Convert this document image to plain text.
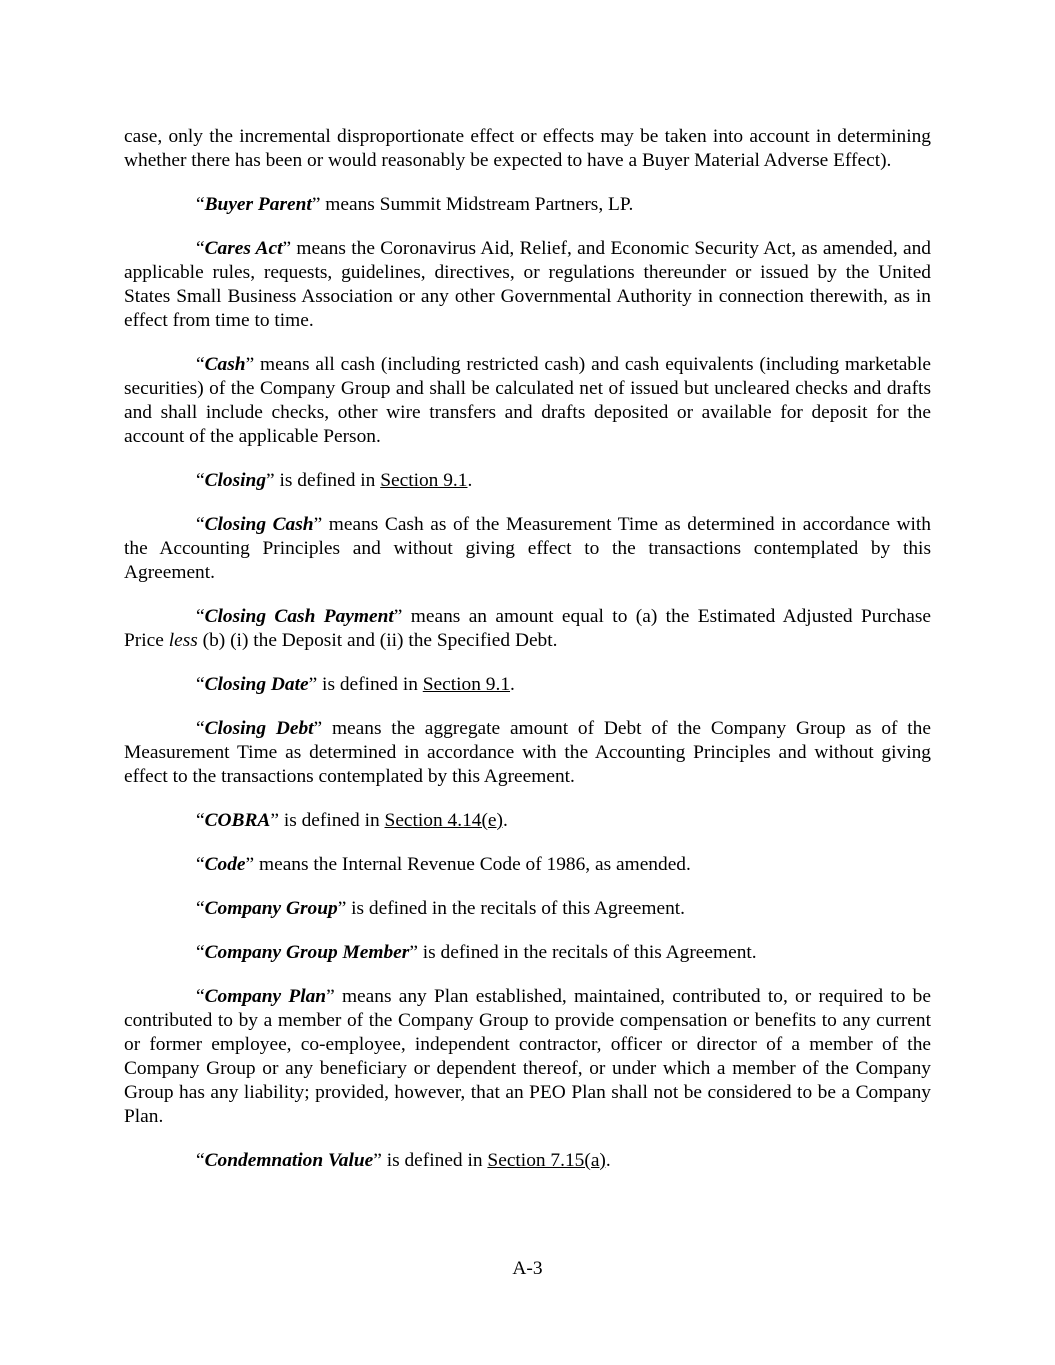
case, only the incremental disproportionate effect or effects may be taken into account in determining whether there has been or would reasonably be expected to have a Buyer Material Adverse Effect).

“Buyer Parent” means Summit Midstream Partners, LP.

“Cares Act” means the Coronavirus Aid, Relief, and Economic Security Act, as amended, and applicable rules, requests, guidelines, directives, or regulations thereunder or issued by the United States Small Business Association or any other Governmental Authority in connection therewith, as in effect from time to time.

“Cash” means all cash (including restricted cash) and cash equivalents (including marketable securities) of the Company Group and shall be calculated net of issued but uncleared checks and drafts and shall include checks, other wire transfers and drafts deposited or available for deposit for the account of the applicable Person.

“Closing” is defined in Section 9.1.

“Closing Cash” means Cash as of the Measurement Time as determined in accordance with the Accounting Principles and without giving effect to the transactions contemplated by this Agreement.

“Closing Cash Payment” means an amount equal to (a) the Estimated Adjusted Purchase Price less (b) (i) the Deposit and (ii) the Specified Debt.

“Closing Date” is defined in Section 9.1.

“Closing Debt” means the aggregate amount of Debt of the Company Group as of the Measurement Time as determined in accordance with the Accounting Principles and without giving effect to the transactions contemplated by this Agreement.

“COBRA” is defined in Section 4.14(e).

“Code” means the Internal Revenue Code of 1986, as amended.

“Company Group” is defined in the recitals of this Agreement.

“Company Group Member” is defined in the recitals of this Agreement.

“Company Plan” means any Plan established, maintained, contributed to, or required to be contributed to by a member of the Company Group to provide compensation or benefits to any current or former employee, co-employee, independent contractor, officer or director of a member of the Company Group or any beneficiary or dependent thereof, or under which a member of the Company Group has any liability; provided, however, that an PEO Plan shall not be considered to be a Company Plan.

“Condemnation Value” is defined in Section 7.15(a).

A-3
